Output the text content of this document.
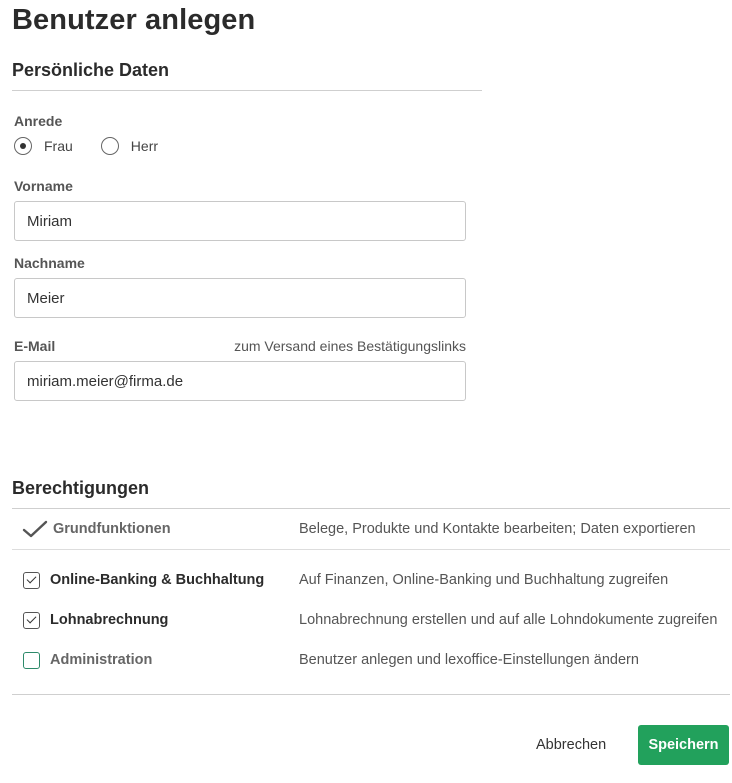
Benutzer anlegen
Persönliche Daten
Anrede
Frau	Herr
Vorname
Miriam
Nachname
Meier
E-Mail	zum Versand eines Bestätigungslinks
miriam.meier@firma.de
Berechtigungen
Grundfunktionen	Belege, Produkte und Kontakte bearbeiten; Daten exportieren
Online-Banking & Buchhaltung	Auf Finanzen, Online-Banking und Buchhaltung zugreifen
Lohnabrechnung	Lohnabrechnung erstellen und auf alle Lohndokumente zugreifen
Administration	Benutzer anlegen und lexoffice-Einstellungen ändern
Abbrechen	Speichern
